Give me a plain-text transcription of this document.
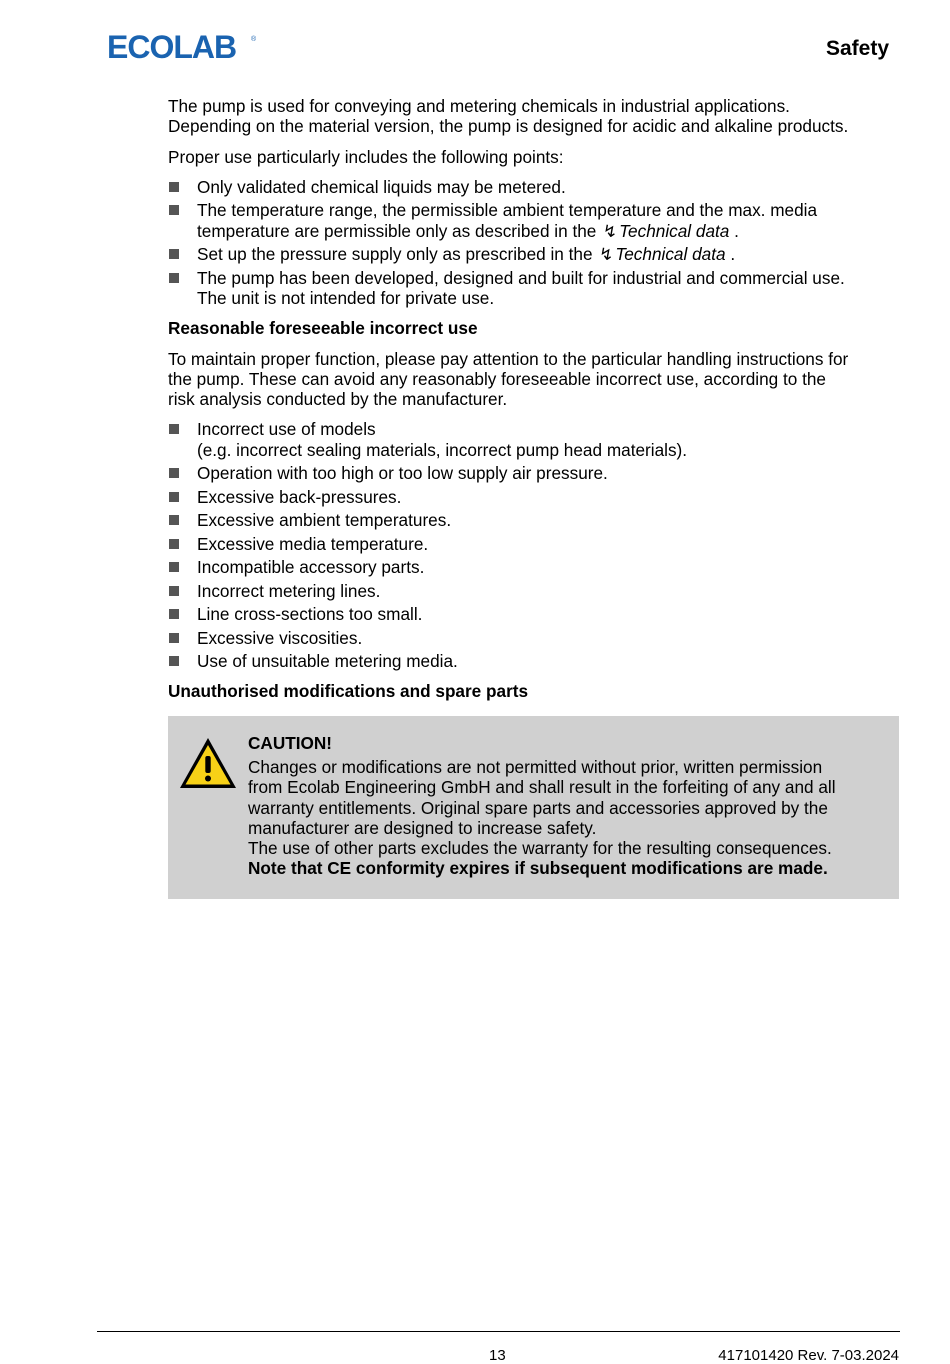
ECOLAB ®	Safety

The pump is used for conveying and metering chemicals in industrial applications.
Depending on the material version, the pump is designed for acidic and alkaline products.

Proper use particularly includes the following points:

Only validated chemical liquids may be metered.
The temperature range, the permissible ambient temperature and the max. media
temperature are permissible only as described in the ↯ Technical data .
Set up the pressure supply only as prescribed in the ↯ Technical data .
The pump has been developed, designed and built for industrial and commercial use.
The unit is not intended for private use.
Reasonable foreseeable incorrect use

To maintain proper function, please pay attention to the particular handling instructions for
the pump. These can avoid any reasonably foreseeable incorrect use, according to the
risk analysis conducted by the manufacturer.

Incorrect use of models
(e.g. incorrect sealing materials, incorrect pump head materials).
Operation with too high or too low supply air pressure.
Excessive back-pressures.
Excessive ambient temperatures.
Excessive media temperature.
Incompatible accessory parts.
Incorrect metering lines.
Line cross-sections too small.
Excessive viscosities.
Use of unsuitable metering media.
Unauthorised modifications and spare parts
CAUTION!
Changes or modifications are not permitted without prior, written permission
from Ecolab Engineering GmbH and shall result in the forfeiting of any and all
warranty entitlements. Original spare parts and accessories approved by the
manufacturer are designed to increase safety.
The use of other parts excludes the warranty for the resulting consequences.
Note that CE conformity expires if subsequent modifications are made.
13	417101420 Rev. 7-03.2024
